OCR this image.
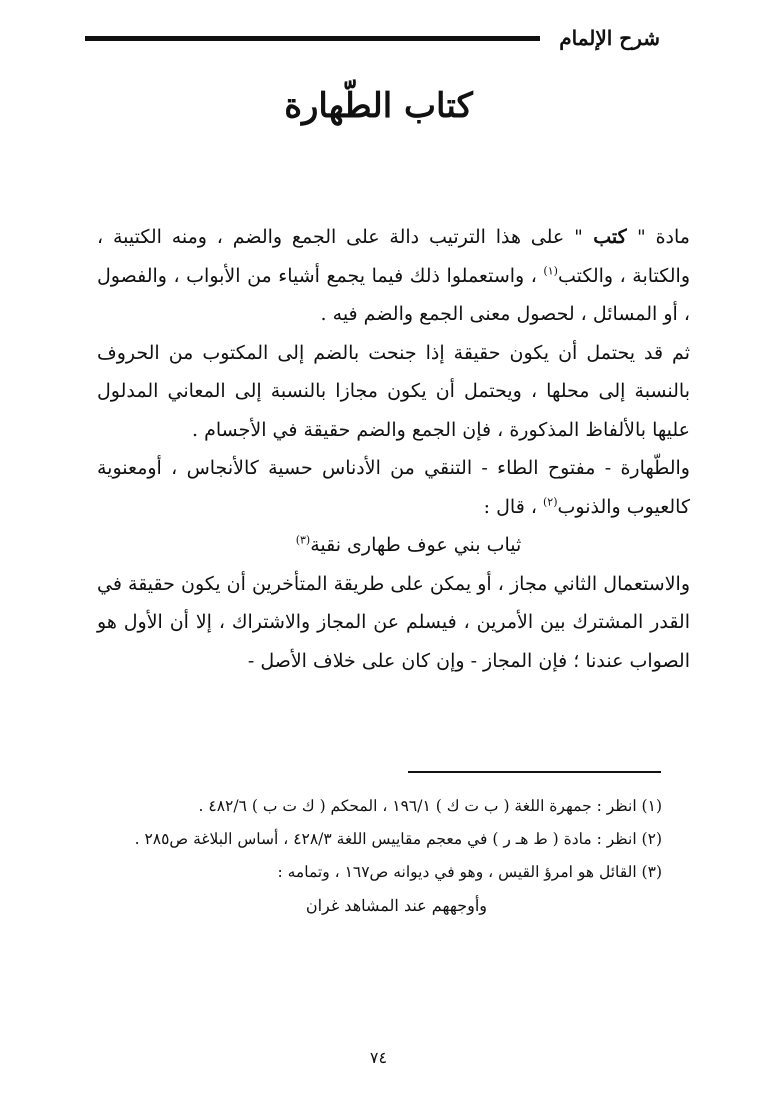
شرح الإلمام
كتاب الطّهارة

مادة " كتب " على هذا الترتيب دالة على الجمع والضم ، ومنه الكتيبة ، والكتابة ، والكتب$^{(١)}$ ، واستعملوا ذلك فيما يجمع أشياء من الأبواب ، والفصول ، أو المسائل ، لحصول معنى الجمع والضم فيه .

ثم قد يحتمل أن يكون حقيقة إذا جنحت بالضم إلى المكتوب من الحروف بالنسبة إلى محلها ، ويحتمل أن يكون مجازا بالنسبة إلى المعاني المدلول عليها بالألفاظ المذكورة ، فإن الجمع والضم حقيقة في الأجسام .

والطّهارة - مفتوح الطاء - التنقي من الأدناس حسية كالأنجاس ، أومعنوية كالعيوب والذنوب$^{(٢)}$ ، قال :

ثياب بني عوف طهارى نقية$^{(٣)}$

والاستعمال الثاني مجاز ، أو يمكن على طريقة المتأخرين أن يكون حقيقة في القدر المشترك بين الأمرين ، فيسلم عن المجاز والاشتراك ، إلا أن الأول هو الصواب عندنا ؛ فإن المجاز - وإن كان على خلاف الأصل -

(١) انظر : جمهرة اللغة ( ب ت ك ) ١٩٦/١ ، المحكم ( ك ت ب ) ٤٨٢/٦ .

(٢) انظر : مادة ( ط هـ ر ) في معجم مقاييس اللغة ٤٢٨/٣ ، أساس البلاغة ص٢٨٥ .

(٣) القائل هو امرؤ القيس ، وهو في ديوانه ص١٦٧ ، وتمامه :

وأوجههم عند المشاهد غران

٧٤
